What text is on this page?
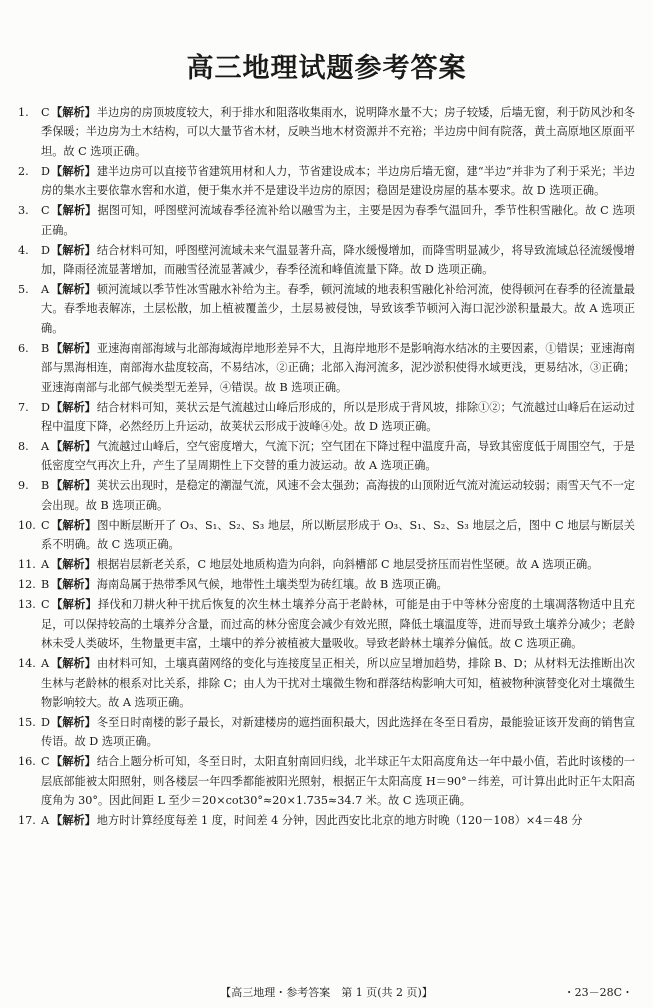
高三地理试题参考答案
1. C【解析】半边房的房顶坡度较大，利于排水和阻落收集雨水，说明降水量不大；房子较矮，后墙无窗，利于防风沙和冬季保暖；半边房为土木结构，可以大量节省木材，反映当地木材资源并不充裕；半边房中间有院落，黄土高原地区原面平坦。故 C 选项正确。
2. D【解析】建半边房可以直接节省建筑用材和人力，节省建设成本；半边房后墙无窗，建“半边”并非为了利于采光；半边房的集水主要依靠水窖和水道，便于集水并不是建设半边房的原因；稳固是建设房屋的基本要求。故 D 选项正确。
3. C【解析】据图可知，呼图壁河流域春季径流补给以融雪为主，主要是因为春季气温回升，季节性积雪融化。故 C 选项正确。
4. D【解析】结合材料可知，呼图壁河流域未来气温显著升高，降水缓慢增加，而降雪明显减少，将导致流域总径流缓慢增加，降雨径流显著增加，而融雪径流显著减少，春季径流和峰值流量下降。故 D 选项正确。
5. A 【解析】顿河流域以季节性冰雪融水补给为主。春季，顿河流域的地表积雪融化补给河流，使得顿河在春季的径流量最大。春季地表解冻，土层松散，加上植被覆盖少，土层易被侵蚀，导致该季节顿河入海口泥沙淤积量最大。故 A 选项正确。
6. B 【解析】亚速海南部海域与北部海域海岸地形差异不大，且海岸地形不是影响海水结冰的主要因素，①错误；亚速海南部与黑海相连，南部海水盐度较高，不易结冰，②正确；北部入海河流多，泥沙淤积使得水域更浅，更易结冰，③正确；亚速海南部与北部气候类型无差异，④错误。故 B 选项正确。
7. D【解析】结合材料可知，荚状云是气流越过山峰后形成的，所以是形成于背风坡，排除①②；气流越过山峰后在运动过程中温度下降，必然经历上升运动，故荚状云形成于波峰④处。故 D 选项正确。
8. A 【解析】气流越过山峰后，空气密度增大，气流下沉；空气团在下降过程中温度升高，导致其密度低于周围空气，于是低密度空气再次上升，产生了呈周期性上下交替的重力波运动。故 A 选项正确。
9. B 【解析】荚状云出现时，是稳定的潮湿气流，风速不会太强劲；高海拔的山顶附近气流对流运动较弱；雨雪天气不一定会出现。故 B 选项正确。
10. C【解析】图中断层断开了 O₃、S₁、S₂、S₃ 地层，所以断层形成于 O₃、S₁、S₂、S₃ 地层之后，图中 C 地层与断层关系不明确。故 C 选项正确。
11. A 【解析】根据岩层新老关系，C 地层处地质构造为向斜，向斜槽部 C 地层受挤压而岩性坚硬。故 A 选项正确。
12. B 【解析】海南岛属于热带季风气候，地带性土壤类型为砖红壤。故 B 选项正确。
13. C【解析】择伐和刀耕火种干扰后恢复的次生林土壤养分高于老龄林，可能是由于中等林分密度的土壤凋落物适中且充足，可以保持较高的土壤养分含量，而过高的林分密度会减少有效光照，降低土壤温度等，进而导致土壤养分减少；老龄林未受人类破坏，生物量更丰富，土壤中的养分被植被大量吸收。导致老龄林土壤养分偏低。故 C 选项正确。
14. A 【解析】由材料可知，土壤真菌网络的变化与连接度呈正相关，所以应呈增加趋势，排除 B、D；从材料无法推断出次生林与老龄林的根系对比关系，排除 C；由人为干扰对土壤微生物和群落结构影响大可知，植被物种演替变化对土壤微生物影响较大。故 A 选项正确。
15. D【解析】冬至日时南楼的影子最长，对新建楼房的遮挡面积最大，因此选择在冬至日看房，最能验证该开发商的销售宣传语。故 D 选项正确。
16. C【解析】结合上题分析可知，冬至日时，太阳直射南回归线，北半球正午太阳高度角达一年中最小值，若此时该楼的一层底部能被太阳照射，则各楼层一年四季都能被阳光照射，根据正午太阳高度 H＝90°－纬差，可计算出此时正午太阳高度角为 30°。因此间距 L 至少＝20×cot30°≈20×1.735≈34.7 米。故 C 选项正确。
17. A 【解析】地方时计算经度每差 1 度，时间差 4 分钟，因此西安比北京的地方时晚（120－108）×4＝48 分
【高三地理・参考答案　第 1 页(共 2 页)】	・23－28C・
